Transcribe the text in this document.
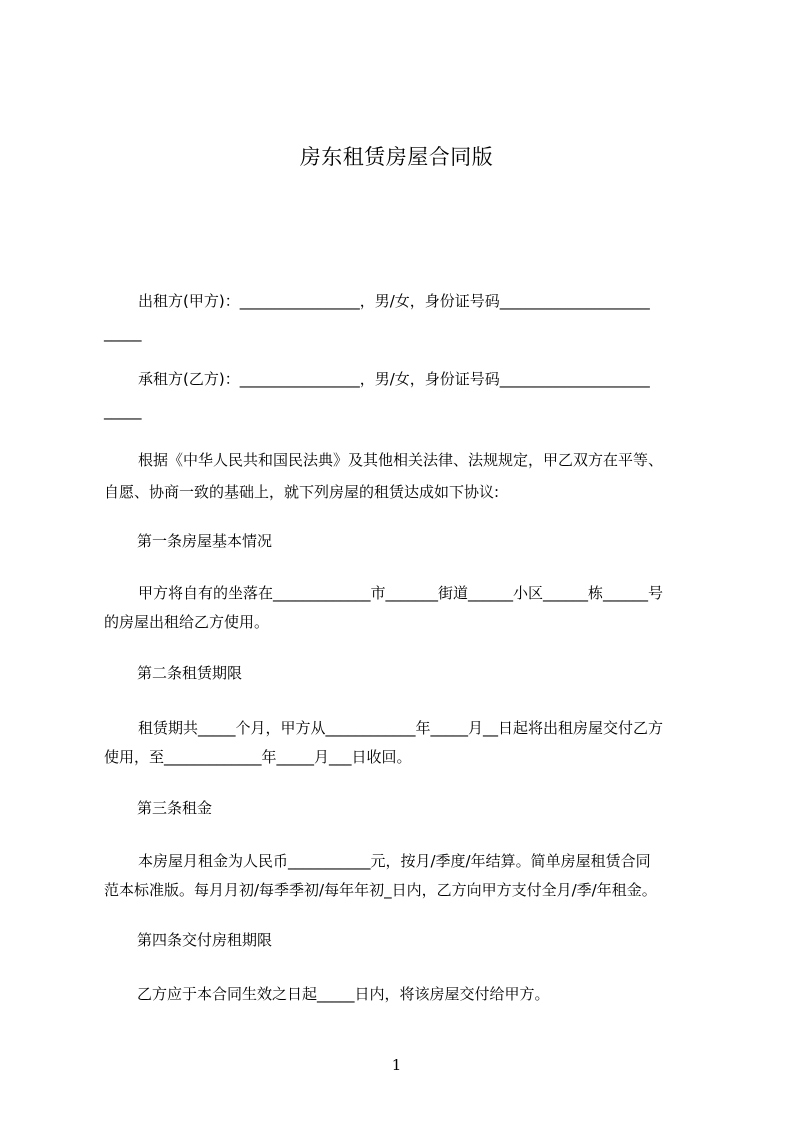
房东租赁房屋合同版
出租方(甲方)：________________，男/女，身份证号码____________________
_____
承租方(乙方)：________________，男/女，身份证号码____________________
_____
根据《中华人民共和国民法典》及其他相关法律、法规规定，甲乙双方在平等、
自愿、协商一致的基础上，就下列房屋的租赁达成如下协议:
第一条房屋基本情况
甲方将自有的坐落在_____________市_______街道______小区______栋______号
的房屋出租给乙方使用。
第二条租赁期限
租赁期共_____个月，甲方从____________年_____月__日起将出租房屋交付乙方
使用，至_____________年_____月___日收回。
第三条租金
本房屋月租金为人民币___________元，按月/季度/年结算。简单房屋租赁合同
范本标准版。每月月初/每季季初/每年年初_日内，乙方向甲方支付全月/季/年租金。
第四条交付房租期限
乙方应于本合同生效之日起_____日内，将该房屋交付给甲方。
1
